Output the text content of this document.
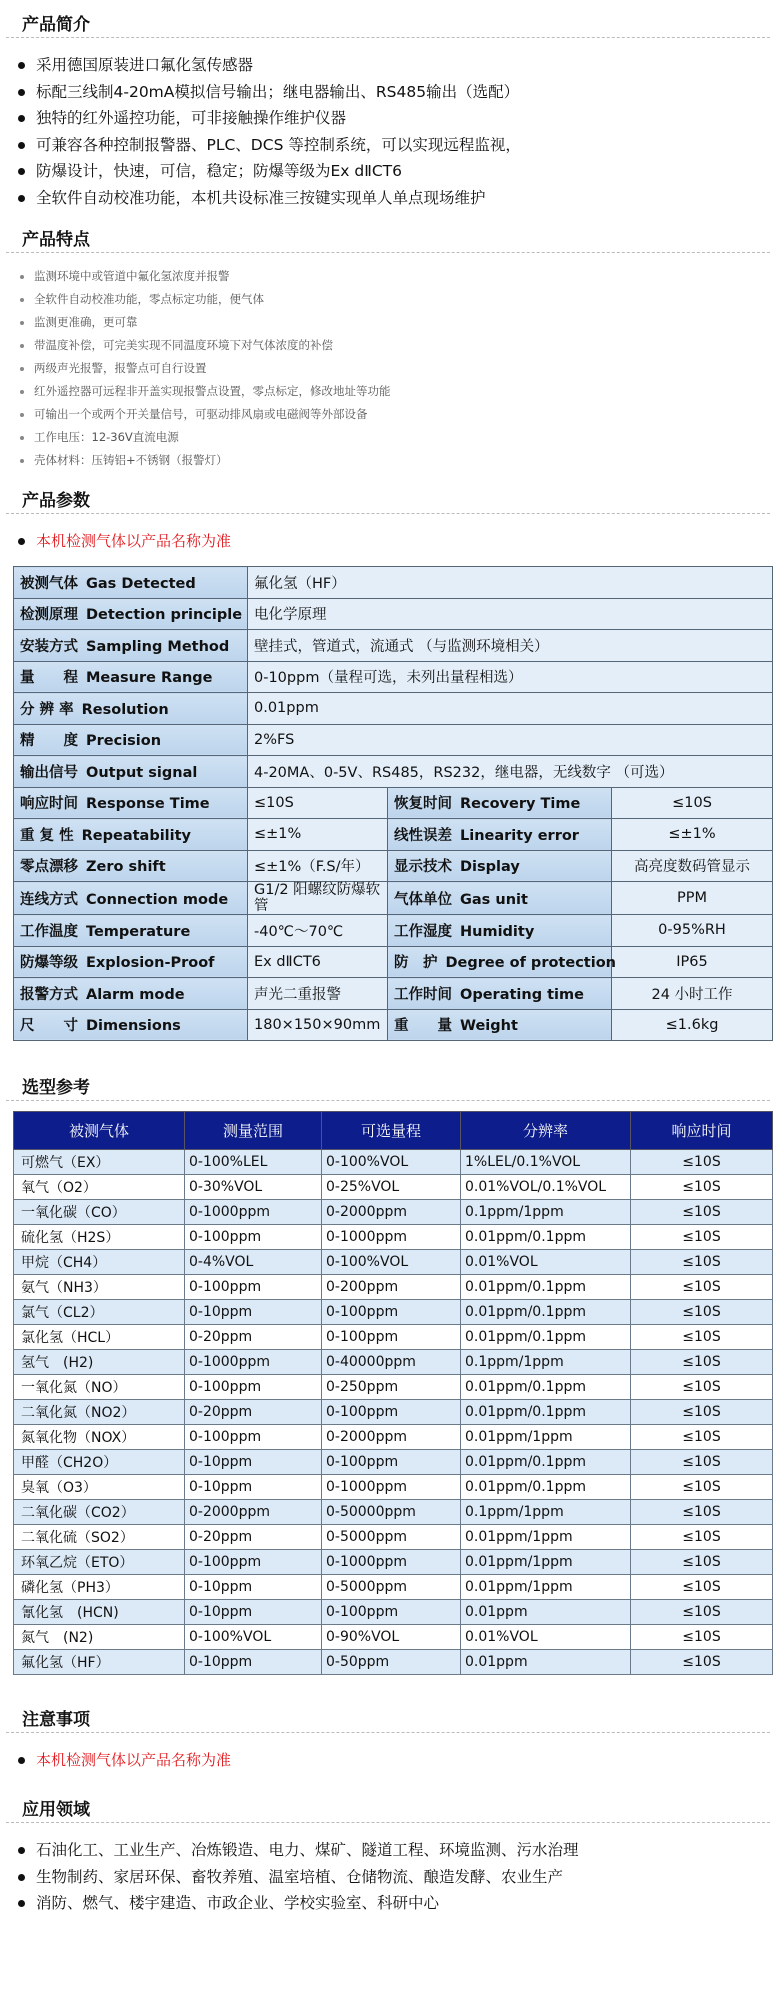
产品简介
采用德国原装进口氟化氢传感器
标配三线制4-20mA模拟信号输出；继电器输出、RS485输出（选配）
独特的红外遥控功能，可非接触操作维护仪器
可兼容各种控制报警器、PLC、DCS 等控制系统，可以实现远程监视，
防爆设计，快速，可信，稳定；防爆等级为Ex dⅡCT6
全软件自动校准功能，本机共设标准三按键实现单人单点现场维护
产品特点
监测环境中或管道中氟化氢浓度并报警
全软件自动校准功能，零点标定功能，便气体
监测更准确，更可靠
带温度补偿，可完美实现不同温度环境下对气体浓度的补偿
两级声光报警，报警点可自行设置
红外遥控器可远程非开盖实现报警点设置，零点标定，修改地址等功能
可输出一个或两个开关量信号，可驱动排风扇或电磁阀等外部设备
工作电压：12-36V直流电源
壳体材料：压铸铝+不锈钢（报警灯）
产品参数
本机检测气体以产品名称为准
被测气体 Gas Detected	氟化氢（HF）		
检测原理 Detection principle	电化学原理		
安装方式 Sampling Method	壁挂式，管道式，流通式 （与监测环境相关）		
量　　程 Measure Range	0-10ppm（量程可选，未列出量程相选）		
分 辨 率 Resolution	0.01ppm		
精　　度 Precision	2%FS		
输出信号 Output signal	4-20MA、0-5V、RS485，RS232，继电器，无线数字 （可选）		
响应时间 Response Time	≤10S	恢复时间 Recovery Time	≤10S
重 复 性 Repeatability	≤±1%	线性误差 Linearity error	≤±1%
零点漂移 Zero shift	≤±1%（F.S/年）	显示技术 Display	高亮度数码管显示
连线方式 Connection mode	G1/2 阳螺纹防爆软管	气体单位 Gas unit	PPM
工作温度 Temperature	-40℃～70℃	工作湿度 Humidity	0-95%RH
防爆等级 Explosion-Proof	Ex dⅡCT6	防　护 Degree of protection	IP65
报警方式 Alarm mode	声光二重报警	工作时间 Operating time	24 小时工作
尺　　寸 Dimensions	180×150×90mm	重　　量 Weight	≤1.6kg
选型参考
被测气体	测量范围	可选量程	分辨率	响应时间
可燃气（EX）	0-100%LEL	0-100%VOL	1%LEL/0.1%VOL	≤10S
氧气（O2）	0-30%VOL	0-25%VOL	0.01%VOL/0.1%VOL	≤10S
一氧化碳（CO）	0-1000ppm	0-2000ppm	0.1ppm/1ppm	≤10S
硫化氢（H2S）	0-100ppm	0-1000ppm	0.01ppm/0.1ppm	≤10S
甲烷（CH4）	0-4%VOL	0-100%VOL	0.01%VOL	≤10S
氨气（NH3）	0-100ppm	0-200ppm	0.01ppm/0.1ppm	≤10S
氯气（CL2）	0-10ppm	0-100ppm	0.01ppm/0.1ppm	≤10S
氯化氢（HCL）	0-20ppm	0-100ppm	0.01ppm/0.1ppm	≤10S
氢气　(H2)	0-1000ppm	0-40000ppm	0.1ppm/1ppm	≤10S
一氧化氮（NO）	0-100ppm	0-250ppm	0.01ppm/0.1ppm	≤10S
二氧化氮（NO2）	0-20ppm	0-100ppm	0.01ppm/0.1ppm	≤10S
氮氧化物（NOX）	0-100ppm	0-2000ppm	0.01ppm/1ppm	≤10S
甲醛（CH2O）	0-10ppm	0-100ppm	0.01ppm/0.1ppm	≤10S
臭氧（O3）	0-10ppm	0-1000ppm	0.01ppm/0.1ppm	≤10S
二氧化碳（CO2）	0-2000ppm	0-50000ppm	0.1ppm/1ppm	≤10S
二氧化硫（SO2）	0-20ppm	0-5000ppm	0.01ppm/1ppm	≤10S
环氧乙烷（ETO）	0-100ppm	0-1000ppm	0.01ppm/1ppm	≤10S
磷化氢（PH3）	0-10ppm	0-5000ppm	0.01ppm/1ppm	≤10S
氰化氢　(HCN)	0-10ppm	0-100ppm	0.01ppm	≤10S
氮气　(N2)	0-100%VOL	0-90%VOL	0.01%VOL	≤10S
氟化氢（HF）	0-10ppm	0-50ppm	0.01ppm	≤10S
注意事项
本机检测气体以产品名称为准
应用领域
石油化工、工业生产、冶炼锻造、电力、煤矿、隧道工程、环境监测、污水治理
生物制药、家居环保、畜牧养殖、温室培植、仓储物流、酿造发酵、农业生产
消防、燃气、楼宇建造、市政企业、学校实验室、科研中心
